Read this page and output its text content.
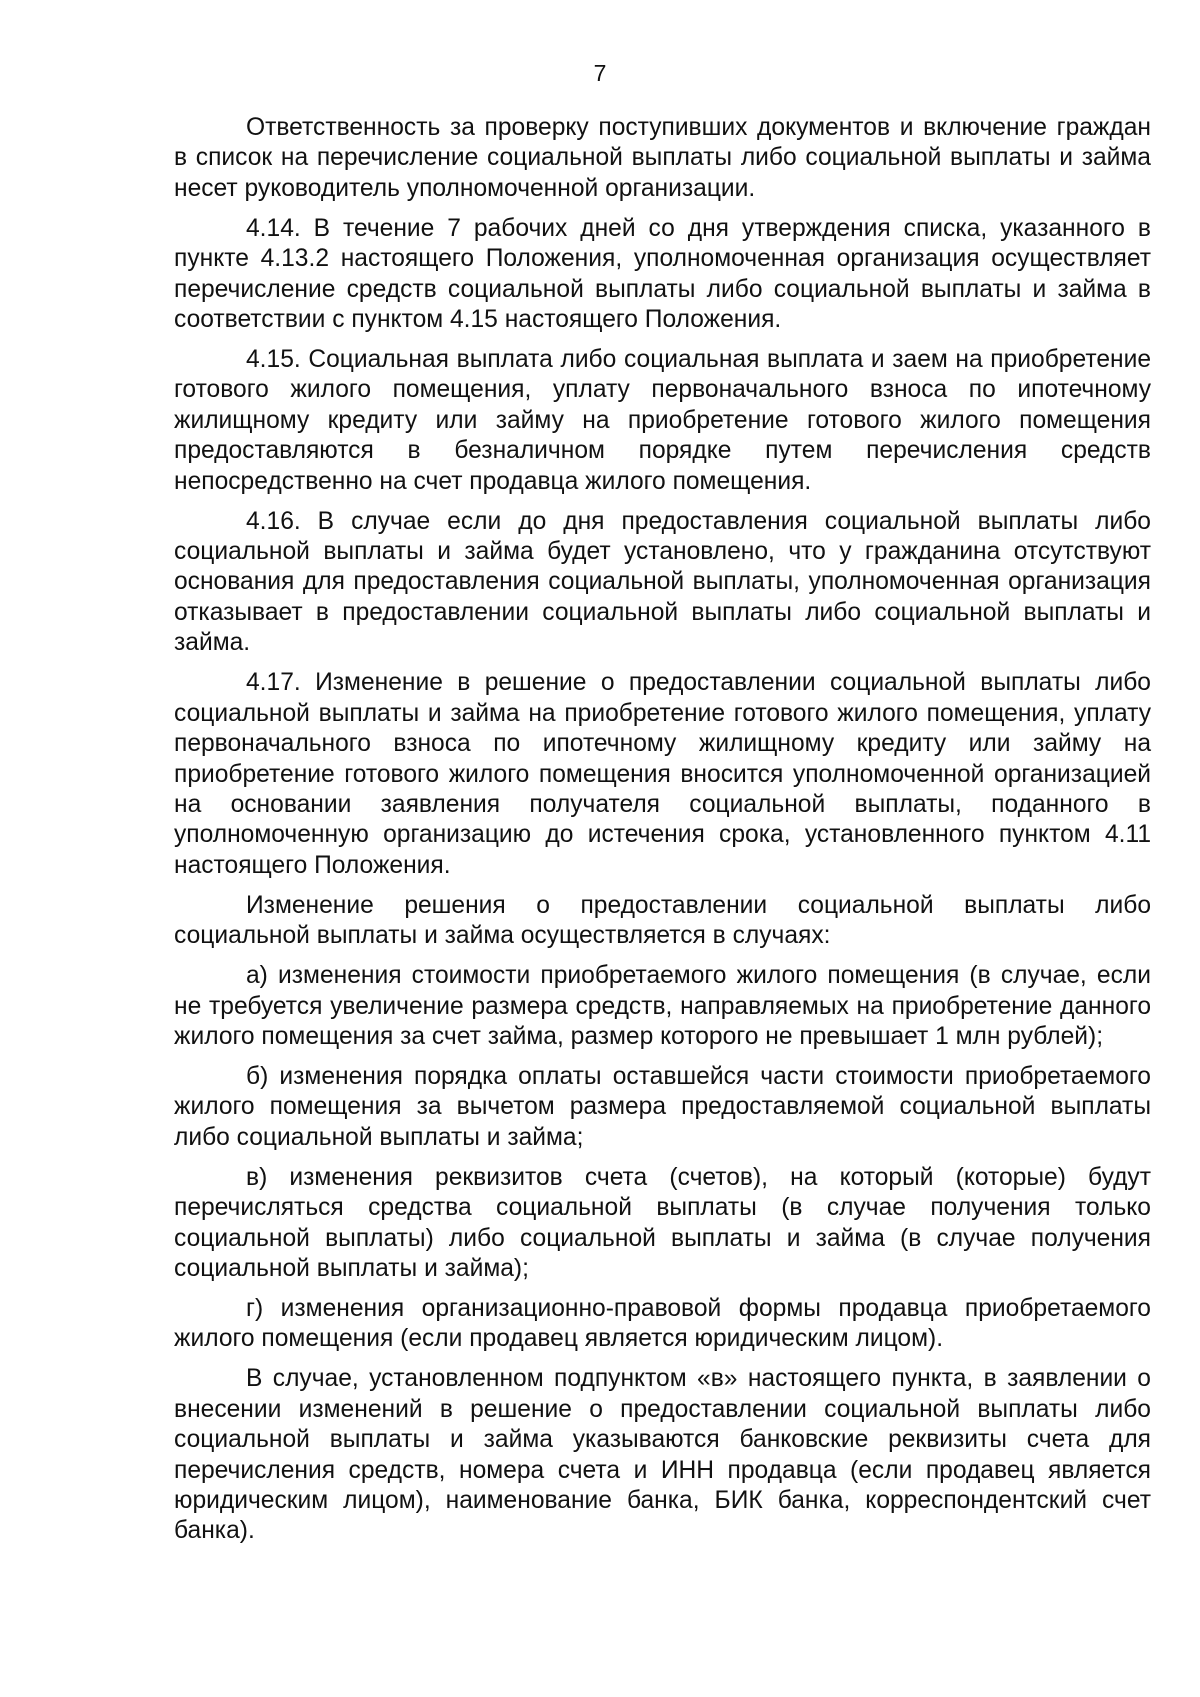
7

Ответственность за проверку поступивших документов и включение граждан в список на перечисление социальной выплаты либо социальной выплаты и займа несет руководитель уполномоченной организации.

4.14. В течение 7 рабочих дней со дня утверждения списка, указанного в пункте 4.13.2 настоящего Положения, уполномоченная организация осуществляет перечисление средств социальной выплаты либо социальной выплаты и займа в соответствии с пунктом 4.15 настоящего Положения.

4.15. Социальная выплата либо социальная выплата и заем на приобретение готового жилого помещения, уплату первоначального взноса по ипотечному жилищному кредиту или займу на приобретение готового жилого помещения предоставляются в безналичном порядке путем перечисления средств непосредственно на счет продавца жилого помещения.

4.16. В случае если до дня предоставления социальной выплаты либо социальной выплаты и займа будет установлено, что у гражданина отсутствуют основания для предоставления социальной выплаты, уполномоченная организация отказывает в предоставлении социальной выплаты либо социальной выплаты и займа.

4.17. Изменение в решение о предоставлении социальной выплаты либо социальной выплаты и займа на приобретение готового жилого помещения, уплату первоначального взноса по ипотечному жилищному кредиту или займу на приобретение готового жилого помещения вносится уполномоченной организацией на основании заявления получателя социальной выплаты, поданного в уполномоченную организацию до истечения срока, установленного пунктом 4.11 настоящего Положения.

Изменение решения о предоставлении социальной выплаты либо социальной выплаты и займа осуществляется в случаях:

а) изменения стоимости приобретаемого жилого помещения (в случае, если не требуется увеличение размера средств, направляемых на приобретение данного жилого помещения за счет займа, размер которого не превышает 1 млн рублей);

б) изменения порядка оплаты оставшейся части стоимости приобретаемого жилого помещения за вычетом размера предоставляемой социальной выплаты либо социальной выплаты и займа;

в) изменения реквизитов счета (счетов), на который (которые) будут перечисляться средства социальной выплаты (в случае получения только социальной выплаты) либо социальной выплаты и займа (в случае получения социальной выплаты и займа);

г) изменения организационно-правовой формы продавца приобретаемого жилого помещения (если продавец является юридическим лицом).

В случае, установленном подпунктом «в» настоящего пункта, в заявлении о внесении изменений в решение о предоставлении социальной выплаты либо социальной выплаты и займа указываются банковские реквизиты счета для перечисления средств, номера счета и ИНН продавца (если продавец является юридическим лицом), наименование банка, БИК банка, корреспондентский счет банка).
